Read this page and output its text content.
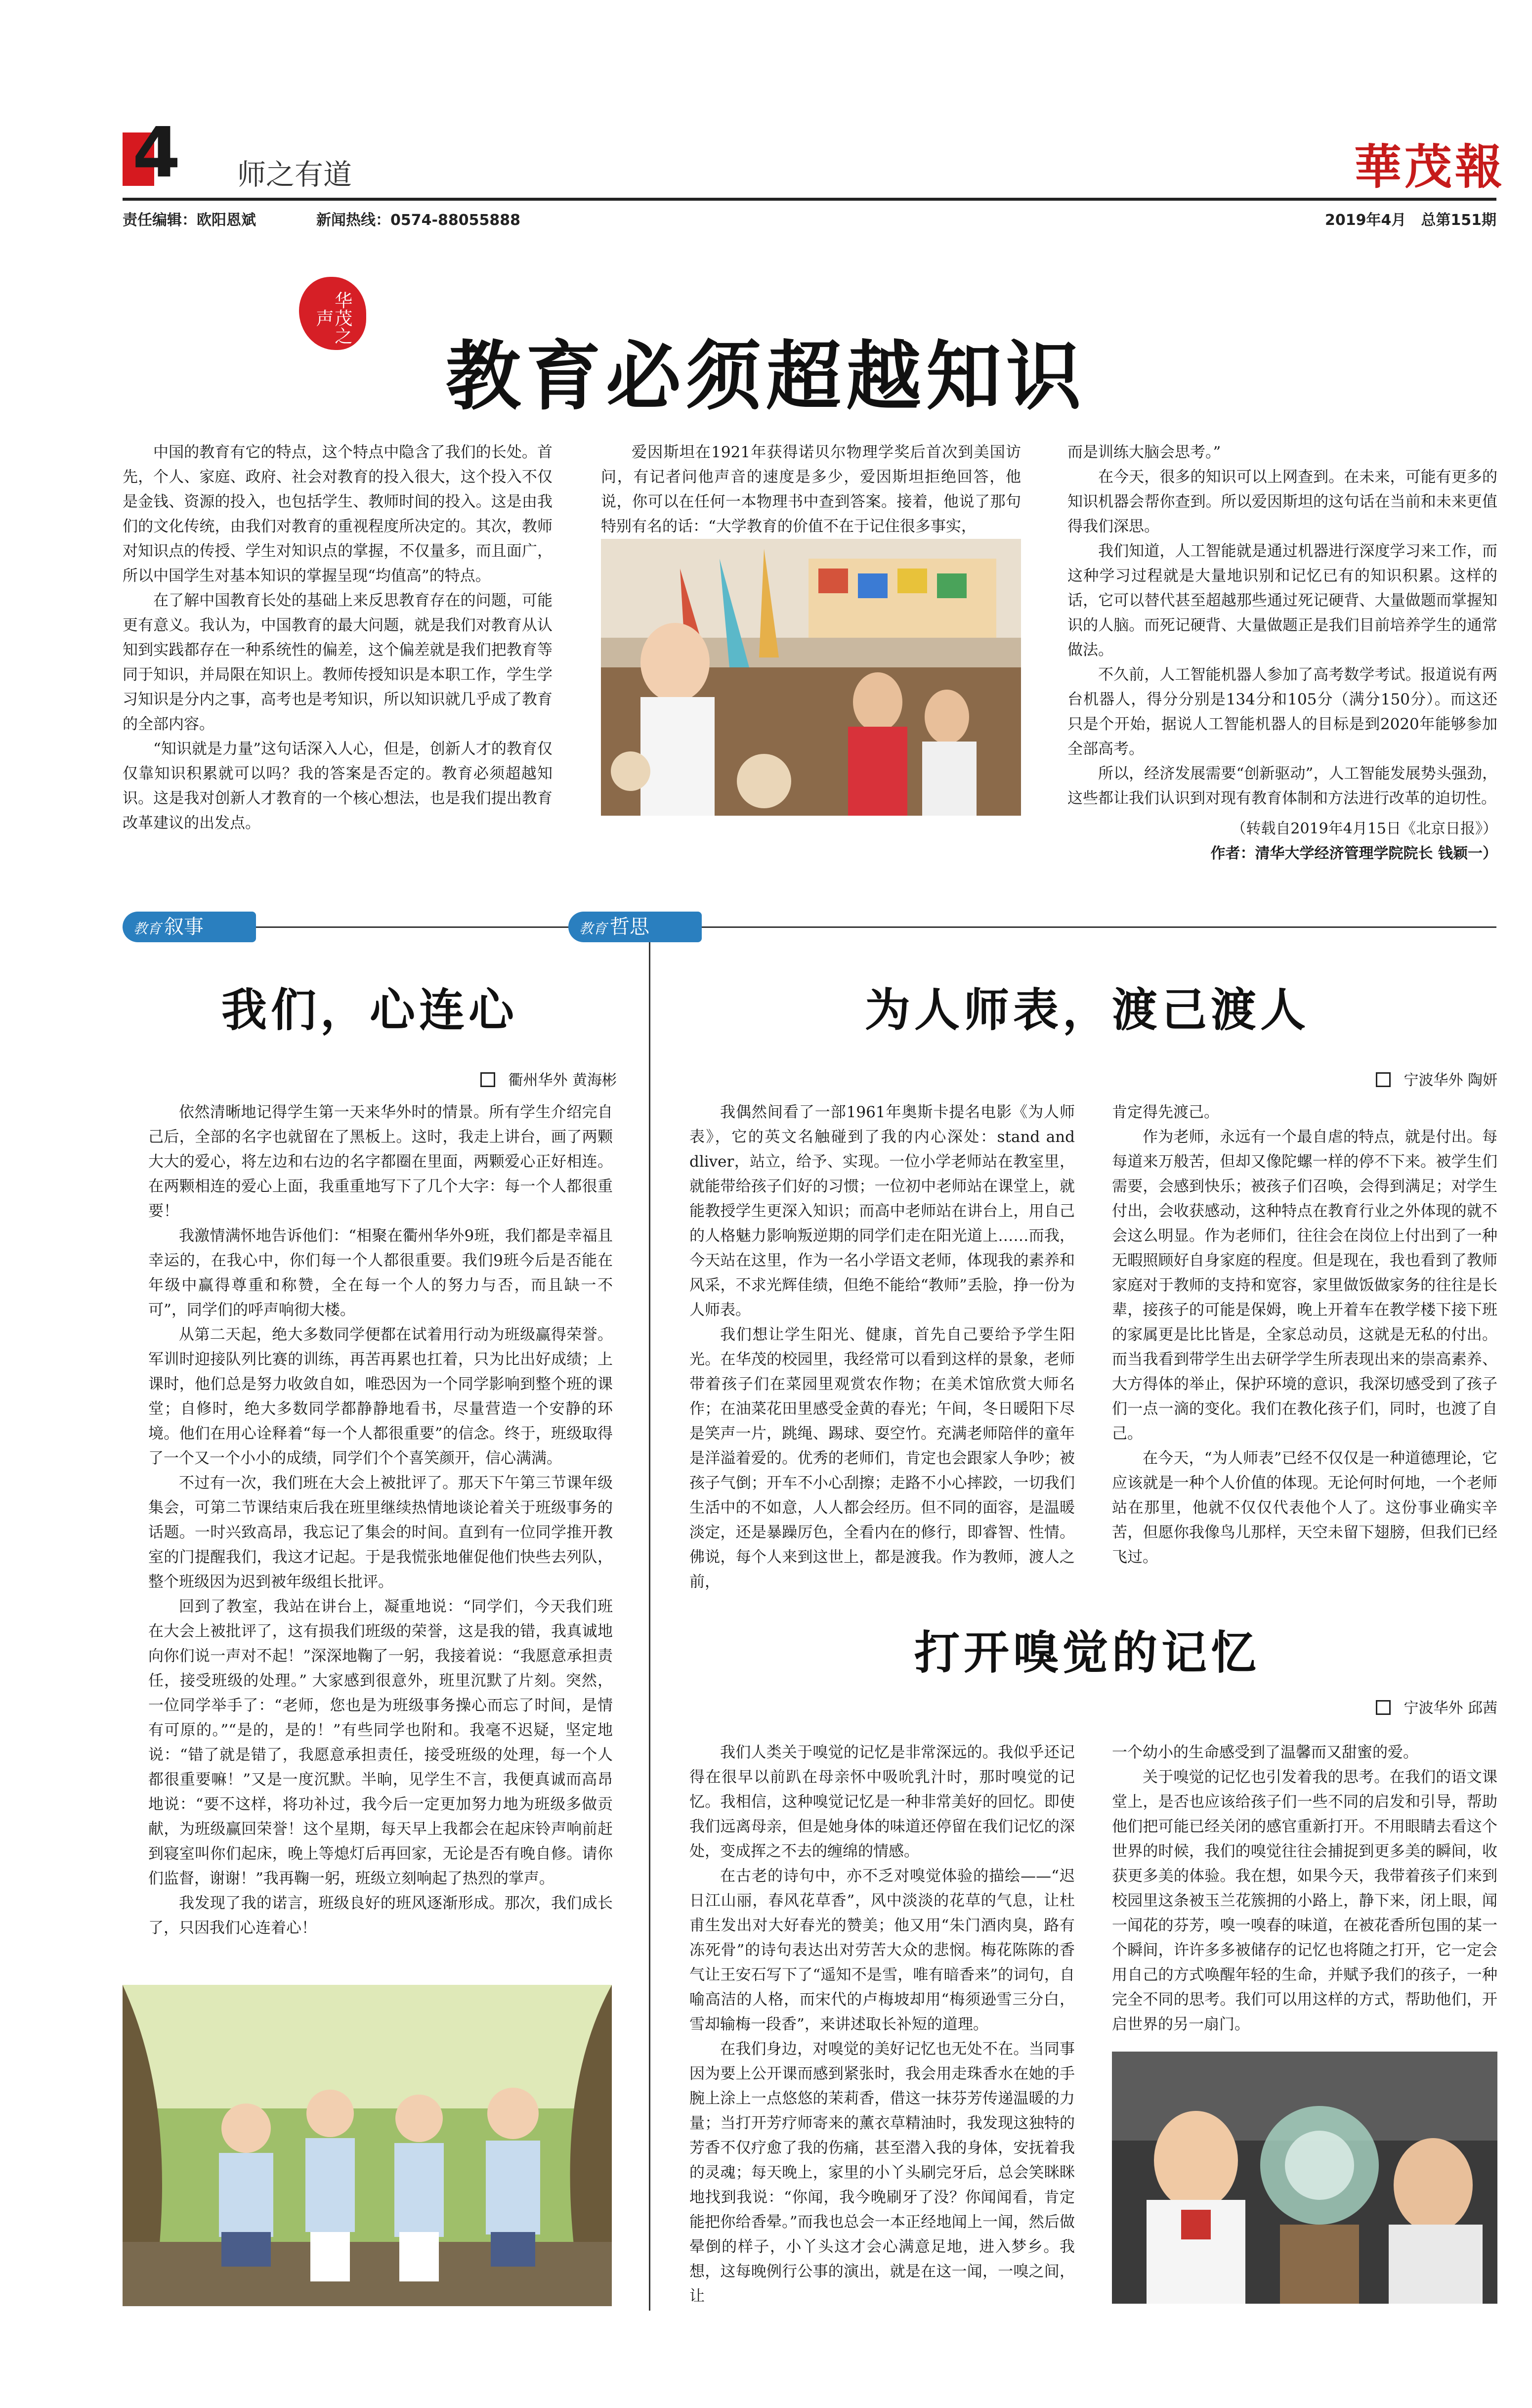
4 师之有道	華茂報
责任编辑：欧阳恩斌	新闻热线：0574-88055888	2019年4月　总第151期
华茂之声
教育必须超越知识

中国的教育有它的特点，这个特点中隐含了我们的长处。首先，个人、家庭、政府、社会对教育的投入很大，这个投入不仅是金钱、资源的投入，也包括学生、教师时间的投入。这是由我们的文化传统，由我们对教育的重视程度所决定的。其次，教师对知识点的传授、学生对知识点的掌握，不仅量多，而且面广，所以中国学生对基本知识的掌握呈现“均值高”的特点。

在了解中国教育长处的基础上来反思教育存在的问题，可能更有意义。我认为，中国教育的最大问题，就是我们对教育从认知到实践都存在一种系统性的偏差，这个偏差就是我们把教育等同于知识，并局限在知识上。教师传授知识是本职工作，学生学习知识是分内之事，高考也是考知识，所以知识就几乎成了教育的全部内容。

“知识就是力量”这句话深入人心，但是，创新人才的教育仅仅靠知识积累就可以吗？我的答案是否定的。教育必须超越知识。这是我对创新人才教育的一个核心想法，也是我们提出教育改革建议的出发点。

爱因斯坦在1921年获得诺贝尔物理学奖后首次到美国访问，有记者问他声音的速度是多少，爱因斯坦拒绝回答，他说，你可以在任何一本物理书中查到答案。接着，他说了那句特别有名的话：“大学教育的价值不在于记住很多事实，

而是训练大脑会思考。”

在今天，很多的知识可以上网查到。在未来，可能有更多的知识机器会帮你查到。所以爱因斯坦的这句话在当前和未来更值得我们深思。

我们知道，人工智能就是通过机器进行深度学习来工作，而这种学习过程就是大量地识别和记忆已有的知识积累。这样的话，它可以替代甚至超越那些通过死记硬背、大量做题而掌握知识的人脑。而死记硬背、大量做题正是我们目前培养学生的通常做法。

不久前，人工智能机器人参加了高考数学考试。报道说有两台机器人，得分分别是134分和105分（满分150分）。而这还只是个开始，据说人工智能机器人的目标是到2020年能够参加全部高考。

所以，经济发展需要“创新驱动”，人工智能发展势头强劲，这些都让我们认识到对现有教育体制和方法进行改革的迫切性。

（转载自2019年4月15日《北京日报》）
作者：清华大学经济管理学院院长 钱颖一）
教育 叙事	教育 哲思
我们，心连心
衢州华外 黄海彬

依然清晰地记得学生第一天来华外时的情景。所有学生介绍完自己后，全部的名字也就留在了黑板上。这时，我走上讲台，画了两颗大大的爱心，将左边和右边的名字都圈在里面，两颗爱心正好相连。在两颗相连的爱心上面，我重重地写下了几个大字：每一个人都很重要！

我激情满怀地告诉他们：“相聚在衢州华外9班，我们都是幸福且幸运的，在我心中，你们每一个人都很重要。我们9班今后是否能在年级中赢得尊重和称赞，全在每一个人的努力与否，而且缺一不可”，同学们的呼声响彻大楼。

从第二天起，绝大多数同学便都在试着用行动为班级赢得荣誉。军训时迎接队列比赛的训练，再苦再累也扛着，只为比出好成绩；上课时，他们总是努力收敛自如，唯恐因为一个同学影响到整个班的课堂；自修时，绝大多数同学都静静地看书，尽量营造一个安静的环境。他们在用心诠释着“每一个人都很重要”的信念。终于，班级取得了一个又一个小小的成绩，同学们个个喜笑颜开，信心满满。

不过有一次，我们班在大会上被批评了。那天下午第三节课年级集会，可第二节课结束后我在班里继续热情地谈论着关于班级事务的话题。一时兴致高昂，我忘记了集会的时间。直到有一位同学推开教室的门提醒我们，我这才记起。于是我慌张地催促他们快些去列队，整个班级因为迟到被年级组长批评。

回到了教室，我站在讲台上，凝重地说：“同学们，今天我们班在大会上被批评了，这有损我们班级的荣誉，这是我的错，我真诚地向你们说一声对不起！”深深地鞠了一躬，我接着说：“我愿意承担责任，接受班级的处理。” 大家感到很意外，班里沉默了片刻。突然，一位同学举手了：“老师，您也是为班级事务操心而忘了时间，是情有可原的。”“是的，是的！”有些同学也附和。我毫不迟疑，坚定地说：“错了就是错了，我愿意承担责任，接受班级的处理，每一个人都很重要嘛！”又是一度沉默。半晌，见学生不言，我便真诚而高昂地说：“要不这样，将功补过，我今后一定更加努力地为班级多做贡献，为班级赢回荣誉！这个星期，每天早上我都会在起床铃声响前赶到寝室叫你们起床，晚上等熄灯后再回家，无论是否有晚自修。请你们监督，谢谢！”我再鞠一躬，班级立刻响起了热烈的掌声。

我发现了我的诺言，班级良好的班风逐渐形成。那次，我们成长了，只因我们心连着心！

为人师表，渡己渡人
宁波华外 陶妍

我偶然间看了一部1961年奥斯卡提名电影《为人师表》，它的英文名触碰到了我的内心深处：stand and dliver，站立，给予、实现。一位小学老师站在教室里，就能带给孩子们好的习惯；一位初中老师站在课堂上，就能教授学生更深入知识；而高中老师站在讲台上，用自己的人格魅力影响叛逆期的同学们走在阳光道上……而我，今天站在这里，作为一名小学语文老师，体现我的素养和风采，不求光辉佳绩，但绝不能给“教师”丢脸，挣一份为人师表。

我们想让学生阳光、健康，首先自己要给予学生阳光。在华茂的校园里，我经常可以看到这样的景象，老师带着孩子们在菜园里观赏农作物；在美术馆欣赏大师名作；在油菜花田里感受金黄的春光；午间，冬日暖阳下尽是笑声一片，跳绳、踢球、耍空竹。充满老师陪伴的童年是洋溢着爱的。优秀的老师们，肯定也会跟家人争吵；被孩子气倒；开车不小心刮擦；走路不小心摔跤，一切我们生活中的不如意，人人都会经历。但不同的面容，是温暖淡定，还是暴躁厉色，全看内在的修行，即睿智、性情。佛说，每个人来到这世上，都是渡我。作为教师，渡人之前，

肯定得先渡己。

作为老师，永远有一个最自虐的特点，就是付出。每每道来万般苦，但却又像陀螺一样的停不下来。被学生们需要，会感到快乐；被孩子们召唤，会得到满足；对学生付出，会收获感动，这种特点在教育行业之外体现的就不会这么明显。作为老师们，往往会在岗位上付出到了一种无暇照顾好自身家庭的程度。但是现在，我也看到了教师家庭对于教师的支持和宽容，家里做饭做家务的往往是长辈，接孩子的可能是保姆，晚上开着车在教学楼下接下班的家属更是比比皆是，全家总动员，这就是无私的付出。而当我看到带学生出去研学学生所表现出来的崇高素养、大方得体的举止，保护环境的意识，我深切感受到了孩子们一点一滴的变化。我们在教化孩子们，同时，也渡了自己。

在今天，“为人师表”已经不仅仅是一种道德理论，它应该就是一种个人价值的体现。无论何时何地，一个老师站在那里，他就不仅仅代表他个人了。这份事业确实辛苦，但愿你我像鸟儿那样，天空未留下翅膀，但我们已经飞过。

打开嗅觉的记忆
宁波华外 邱茜

我们人类关于嗅觉的记忆是非常深远的。我似乎还记得在很早以前趴在母亲怀中吸吮乳汁时，那时嗅觉的记忆。我相信，这种嗅觉记忆是一种非常美好的回忆。即使我们远离母亲，但是她身体的味道还停留在我们记忆的深处，变成挥之不去的缠绵的情感。

在古老的诗句中，亦不乏对嗅觉体验的描绘——“迟日江山丽，春风花草香”，风中淡淡的花草的气息，让杜甫生发出对大好春光的赞美；他又用“朱门酒肉臭，路有冻死骨”的诗句表达出对劳苦大众的悲悯。梅花陈陈的香气让王安石写下了“遥知不是雪，唯有暗香来”的词句，自喻高洁的人格，而宋代的卢梅坡却用“梅须逊雪三分白，雪却输梅一段香”，来讲述取长补短的道理。

在我们身边，对嗅觉的美好记忆也无处不在。当同事因为要上公开课而感到紧张时，我会用走珠香水在她的手腕上涂上一点悠悠的茉莉香，借这一抹芬芳传递温暖的力量；当打开芳疗师寄来的薰衣草精油时，我发现这独特的芳香不仅疗愈了我的伤痛，甚至潜入我的身体，安抚着我的灵魂；每天晚上，家里的小丫头刷完牙后，总会笑眯眯地找到我说：“你闻，我今晚刷牙了没？你闻闻看，肯定能把你给香晕。”而我也总会一本正经地闻上一闻，然后做晕倒的样子，小丫头这才会心满意足地，进入梦乡。我想，这每晚例行公事的演出，就是在这一闻，一嗅之间，让

一个幼小的生命感受到了温馨而又甜蜜的爱。

关于嗅觉的记忆也引发着我的思考。在我们的语文课堂上，是否也应该给孩子们一些不同的启发和引导，帮助他们把可能已经关闭的感官重新打开。不用眼睛去看这个世界的时候，我们的嗅觉往往会捕捉到更多美的瞬间，收获更多美的体验。我在想，如果今天，我带着孩子们来到校园里这条被玉兰花簇拥的小路上，静下来，闭上眼，闻一闻花的芬芳，嗅一嗅春的味道，在被花香所包围的某一个瞬间，许许多多被储存的记忆也将随之打开，它一定会用自己的方式唤醒年轻的生命，并赋予我们的孩子，一种完全不同的思考。我们可以用这样的方式，帮助他们，开启世界的另一扇门。
